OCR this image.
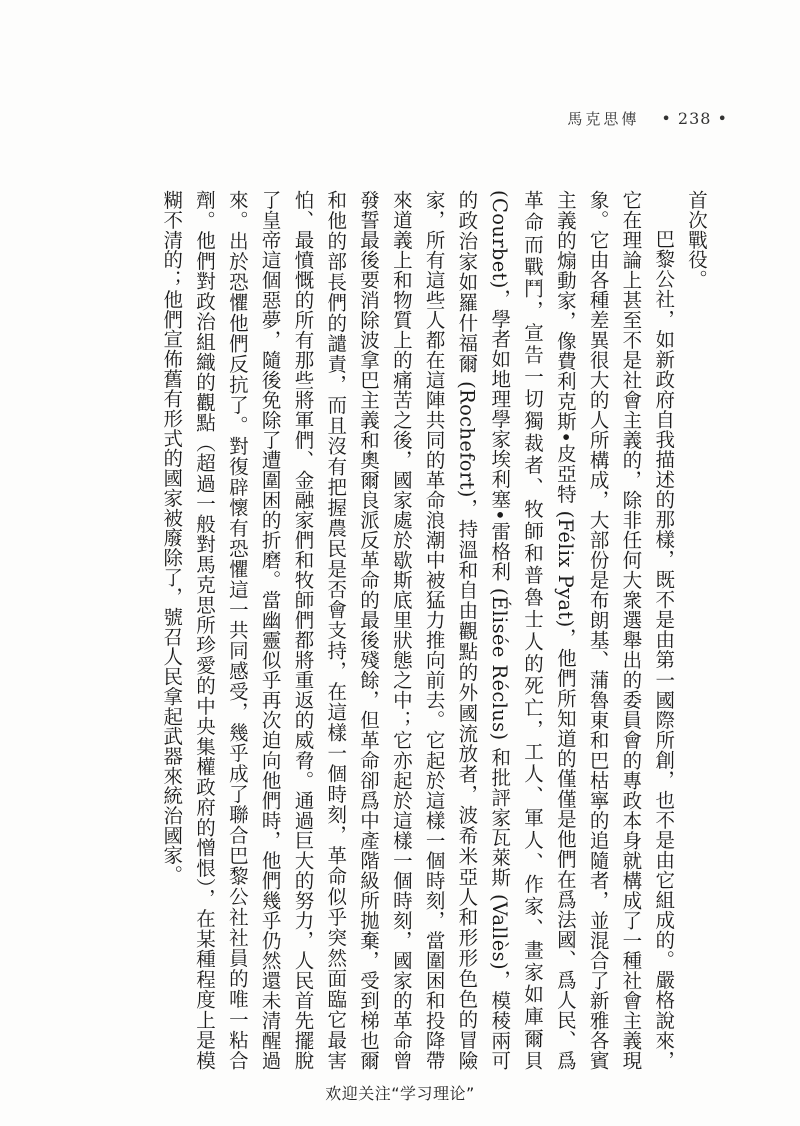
馬克思傳 • 238 •

首次戰役。

巴黎公社，如新政府自我描述的那樣，既不是由第一國際所創，也不是由它組成的。嚴格說來，它在理論上甚至不是社會主義的，除非任何大衆選舉出的委員會的專政本身就構成了一種社會主義現象。它由各種差異很大的人所構成，大部份是布朗基、蒲魯東和巴枯寧的追隨者，並混合了新雅各賓主義的煽動家，像費利克斯•皮亞特 (Félix Pyat)，他們所知道的僅僅是他們在爲法國、爲人民、爲革命而戰鬥，宣告一切獨裁者、牧師和普魯士人的死亡，工人、軍人、作家、畫家如庫爾貝(Courbet)，學者如地理學家埃利塞•雷格利 (Élisée Réclus) 和批評家瓦萊斯 (Vallès)，模稜兩可的政治家如羅什福爾 (Rochefort)，持溫和自由觀點的外國流放者，波希米亞人和形形色色的冒險家，所有這些人都在這陣共同的革命浪潮中被猛力推向前去。它起於這樣一個時刻，當圍困和投降帶來道義上和物質上的痛苦之後，國家處於歇斯底里狀態之中；它亦起於這樣一個時刻，國家的革命曾發誓最後要消除波拿巴主義和奧爾良派反革命的最後殘餘，但革命卻爲中產階級所拋棄，受到梯也爾和他的部長們的譴責，而且沒有把握農民是否會支持，在這樣一個時刻，革命似乎突然面臨它最害怕、最憤慨的所有那些將軍們、金融家們和牧師們都將重返的威脅。通過巨大的努力，人民首先擺脫了皇帝這個惡夢，隨後免除了遭圍困的折磨。當幽靈似乎再次迫向他們時，他們幾乎仍然還未清醒過來。出於恐懼他們反抗了。對復辟懷有恐懼這一共同感受，幾乎成了聯合巴黎公社社員的唯一粘合劑。他們對政治組織的觀點（超過一般對馬克思所珍愛的中央集權政府的憎恨），在某種程度上是模糊不清的；他們宣佈舊有形式的國家被廢除了，號召人民拿起武器來統治國家。

欢迎关注“学习理论”
